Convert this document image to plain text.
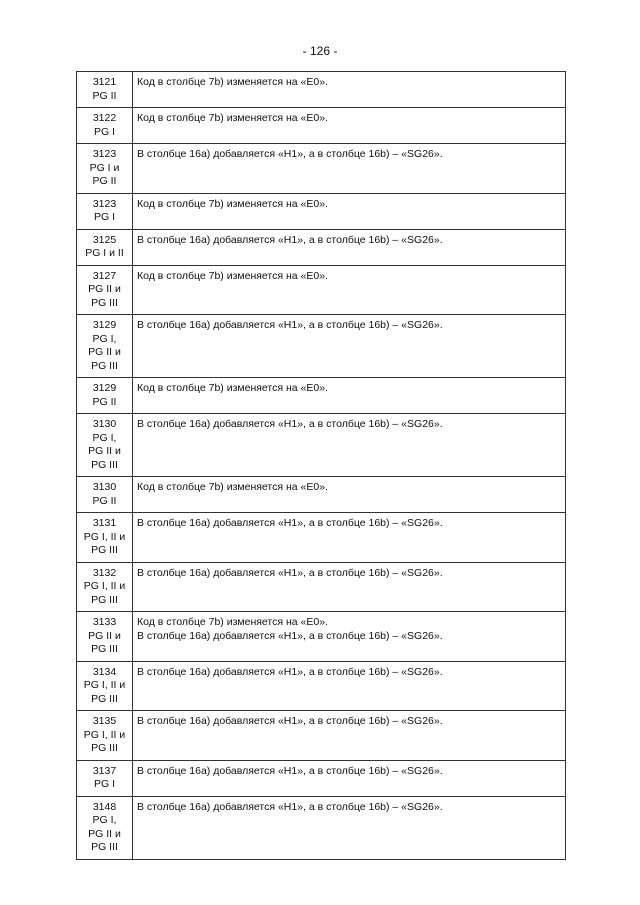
- 126 -
3121
PG II	Код в столбце 7b) изменяется на «E0».

3122
PG I	Код в столбце 7b) изменяется на «E0».

3123
PG I и
PG II	В столбце 16a) добавляется «H1», а в столбце 16b) – «SG26».

3123
PG I	Код в столбце 7b) изменяется на «E0».

3125
PG I и II	В столбце 16a) добавляется «H1», а в столбце 16b) – «SG26».

3127
PG II и
PG III	Код в столбце 7b) изменяется на «E0».

3129
PG I,
PG II и
PG III	В столбце 16a) добавляется «H1», а в столбце 16b) – «SG26».

3129
PG II	Код в столбце 7b) изменяется на «E0».

3130
PG I,
PG II и
PG III	В столбце 16a) добавляется «H1», а в столбце 16b) – «SG26».

3130
PG II	Код в столбце 7b) изменяется на «E0».

3131
PG I, II и
PG III	В столбце 16a) добавляется «H1», а в столбце 16b) – «SG26».

3132
PG I, II и
PG III	В столбце 16a) добавляется «H1», а в столбце 16b) – «SG26».

3133
PG II и
PG III	Код в столбце 7b) изменяется на «E0».
В столбце 16a) добавляется «H1», а в столбце 16b) – «SG26».

3134
PG I, II и
PG III	В столбце 16a) добавляется «H1», а в столбце 16b) – «SG26».

3135
PG I, II и
PG III	В столбце 16a) добавляется «H1», а в столбце 16b) – «SG26».

3137
PG I	В столбце 16a) добавляется «H1», а в столбце 16b) – «SG26».

3148
PG I,
PG II и
PG III	В столбце 16a) добавляется «H1», а в столбце 16b) – «SG26».
